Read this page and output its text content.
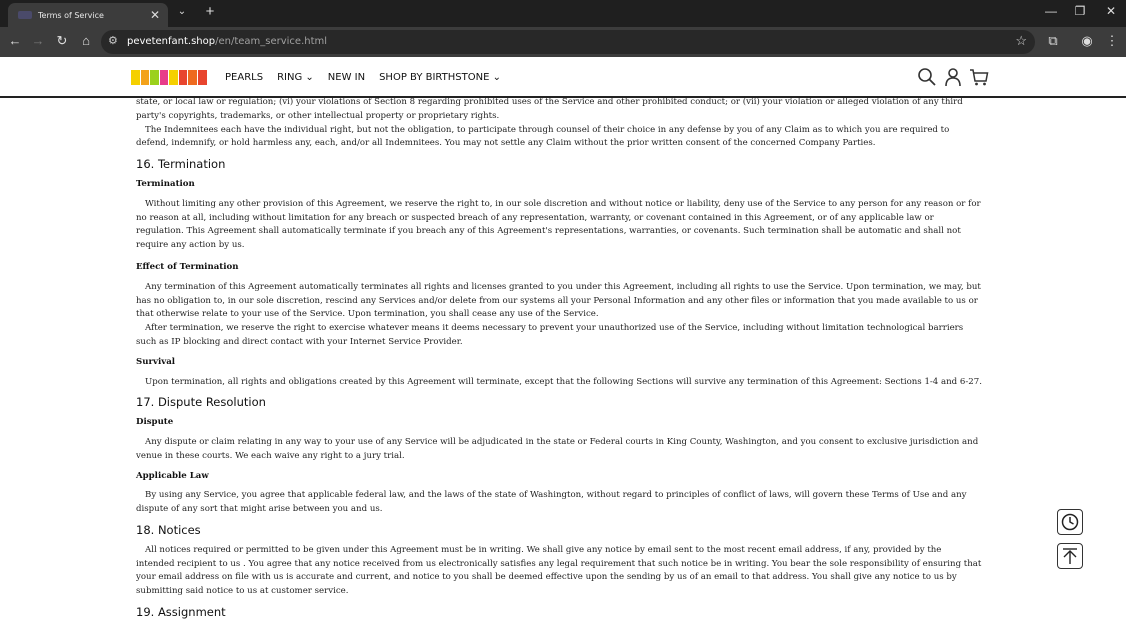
Terms of Service	✕	⌄ +	—	❐	✕
← → ↻	⌂	⚙ pevetenfant.shop/en/team_service.html	☆	⧉	◉ ⋮
PEARLS RING ⌄ NEW IN SHOP BY BIRTHSTONE ⌄

state, or local law or regulation; (vi) your violations of Section 8 regarding prohibited uses of the Service and other prohibited conduct; or (vii) your violation or alleged violation of any third party's copyrights, trademarks, or other intellectual property or proprietary rights.

The Indemnitees each have the individual right, but not the obligation, to participate through counsel of their choice in any defense by you of any Claim as to which you are required to defend, indemnify, or hold harmless any, each, and/or all Indemnitees. You may not settle any Claim without the prior written consent of the concerned Company Parties.

16. Termination
Termination

Without limiting any other provision of this Agreement, we reserve the right to, in our sole discretion and without notice or liability, deny use of the Service to any person for any reason or for no reason at all, including without limitation for any breach or suspected breach of any representation, warranty, or covenant contained in this Agreement, or of any applicable law or regulation. This Agreement shall automatically terminate if you breach any of this Agreement's representations, warranties, or covenants. Such termination shall be automatic and shall not require any action by us.

Effect of Termination

Any termination of this Agreement automatically terminates all rights and licenses granted to you under this Agreement, including all rights to use the Service. Upon termination, we may, but has no obligation to, in our sole discretion, rescind any Services and/or delete from our systems all your Personal Information and any other files or information that you made available to us or that otherwise relate to your use of the Service. Upon termination, you shall cease any use of the Service.

After termination, we reserve the right to exercise whatever means it deems necessary to prevent your unauthorized use of the Service, including without limitation technological barriers such as IP blocking and direct contact with your Internet Service Provider.

Survival

Upon termination, all rights and obligations created by this Agreement will terminate, except that the following Sections will survive any termination of this Agreement: Sections 1-4 and 6-27.

17. Dispute Resolution
Dispute

Any dispute or claim relating in any way to your use of any Service will be adjudicated in the state or Federal courts in King County, Washington, and you consent to exclusive jurisdiction and venue in these courts. We each waive any right to a jury trial.

Applicable Law

By using any Service, you agree that applicable federal law, and the laws of the state of Washington, without regard to principles of conflict of laws, will govern these Terms of Use and any dispute of any sort that might arise between you and us.

18. Notices

All notices required or permitted to be given under this Agreement must be in writing. We shall give any notice by email sent to the most recent email address, if any, provided by the intended recipient to us . You agree that any notice received from us electronically satisfies any legal requirement that such notice be in writing. You bear the sole responsibility of ensuring that your email address on file with us is accurate and current, and notice to you shall be deemed effective upon the sending by us of an email to that address. You shall give any notice to us by submitting said notice to us at customer service.

19. Assignment
